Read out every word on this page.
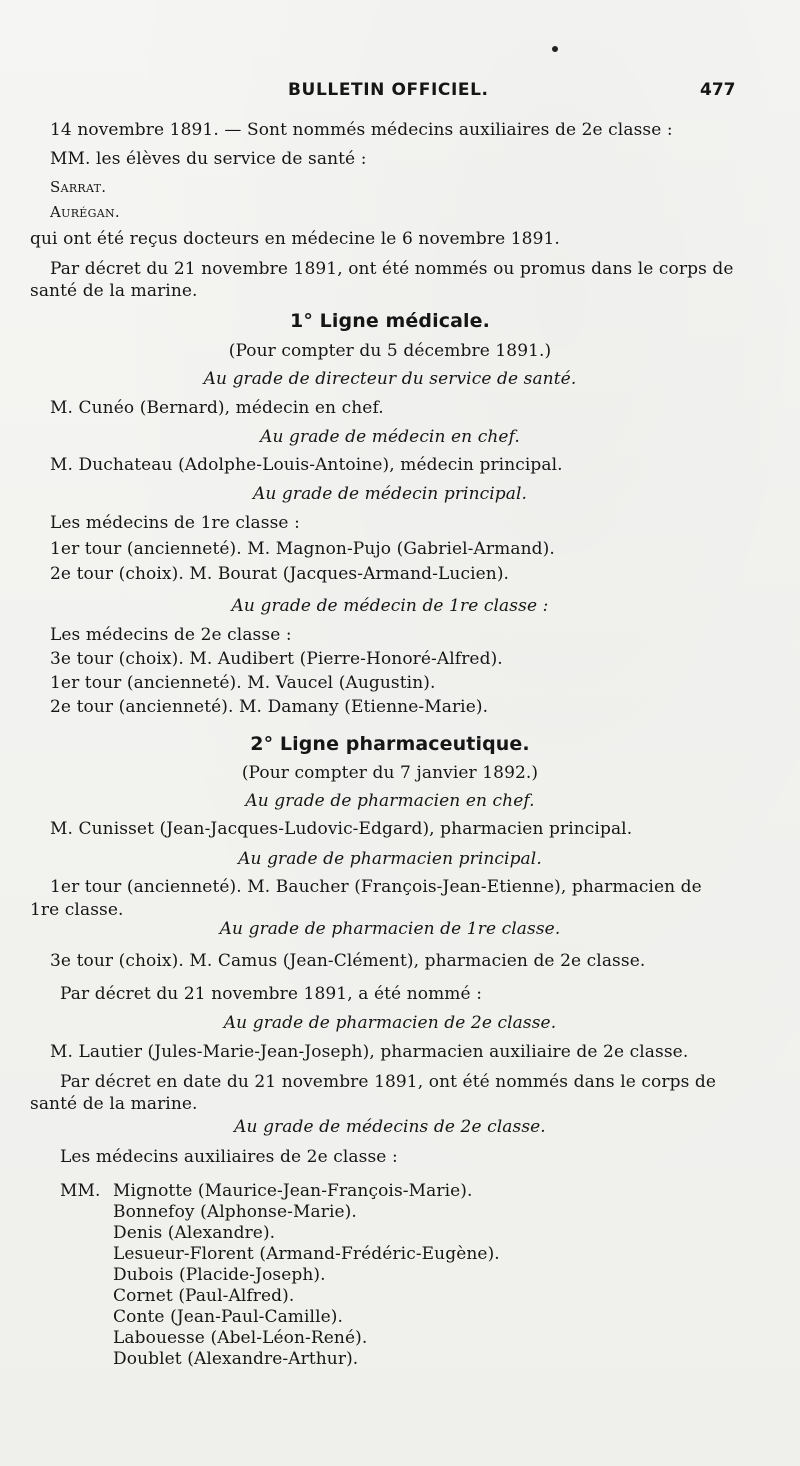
BULLETIN OFFICIEL.	477
14 novembre 1891. — Sont nommés médecins auxiliaires de 2e classe :
MM. les élèves du service de santé :
Sarrat.
Aurégan.
qui ont été reçus docteurs en médecine le 6 novembre 1891.
Par décret du 21 novembre 1891, ont été nommés ou promus dans le corps de
santé de la marine.
1° Ligne médicale.
(Pour compter du 5 décembre 1891.)
Au grade de directeur du service de santé.
M. Cunéo (Bernard), médecin en chef.
Au grade de médecin en chef.
M. Duchateau (Adolphe-Louis-Antoine), médecin principal.
Au grade de médecin principal.
Les médecins de 1re classe :
1er tour (ancienneté). M. Magnon-Pujo (Gabriel-Armand).
2e tour (choix). M. Bourat (Jacques-Armand-Lucien).
Au grade de médecin de 1re classe :
Les médecins de 2e classe :
3e tour (choix). M. Audibert (Pierre-Honoré-Alfred).
1er tour (ancienneté). M. Vaucel (Augustin).
2e tour (ancienneté). M. Damany (Etienne-Marie).
2° Ligne pharmaceutique.
(Pour compter du 7 janvier 1892.)
Au grade de pharmacien en chef.
M. Cunisset (Jean-Jacques-Ludovic-Edgard), pharmacien principal.
Au grade de pharmacien principal.
1er tour (ancienneté). M. Baucher (François-Jean-Etienne), pharmacien de
1re classe.
Au grade de pharmacien de 1re classe.
3e tour (choix). M. Camus (Jean-Clément), pharmacien de 2e classe.
Par décret du 21 novembre 1891, a été nommé :
Au grade de pharmacien de 2e classe.
M. Lautier (Jules-Marie-Jean-Joseph), pharmacien auxiliaire de 2e classe.
Par décret en date du 21 novembre 1891, ont été nommés dans le corps de
santé de la marine.
Au grade de médecins de 2e classe.
Les médecins auxiliaires de 2e classe :
MM. Mignotte (Maurice-Jean-François-Marie).
Bonnefoy (Alphonse-Marie).
Denis (Alexandre).
Lesueur-Florent (Armand-Frédéric-Eugène).
Dubois (Placide-Joseph).
Cornet (Paul-Alfred).
Conte (Jean-Paul-Camille).
Labouesse (Abel-Léon-René).
Doublet (Alexandre-Arthur).
